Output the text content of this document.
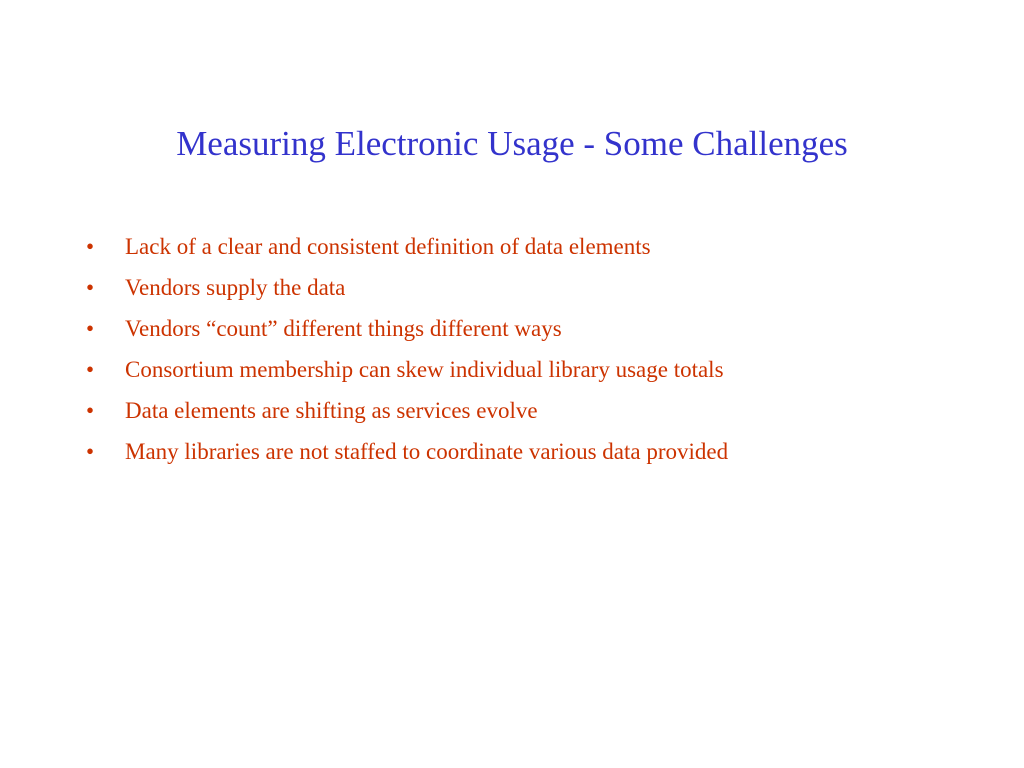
Measuring Electronic Usage - Some Challenges
• Lack of a clear and consistent definition of data elements
• Vendors supply the data
• Vendors “count” different things different ways
• Consortium membership can skew individual library usage totals
• Data elements are shifting as services evolve
• Many libraries are not staffed to coordinate various data provided
